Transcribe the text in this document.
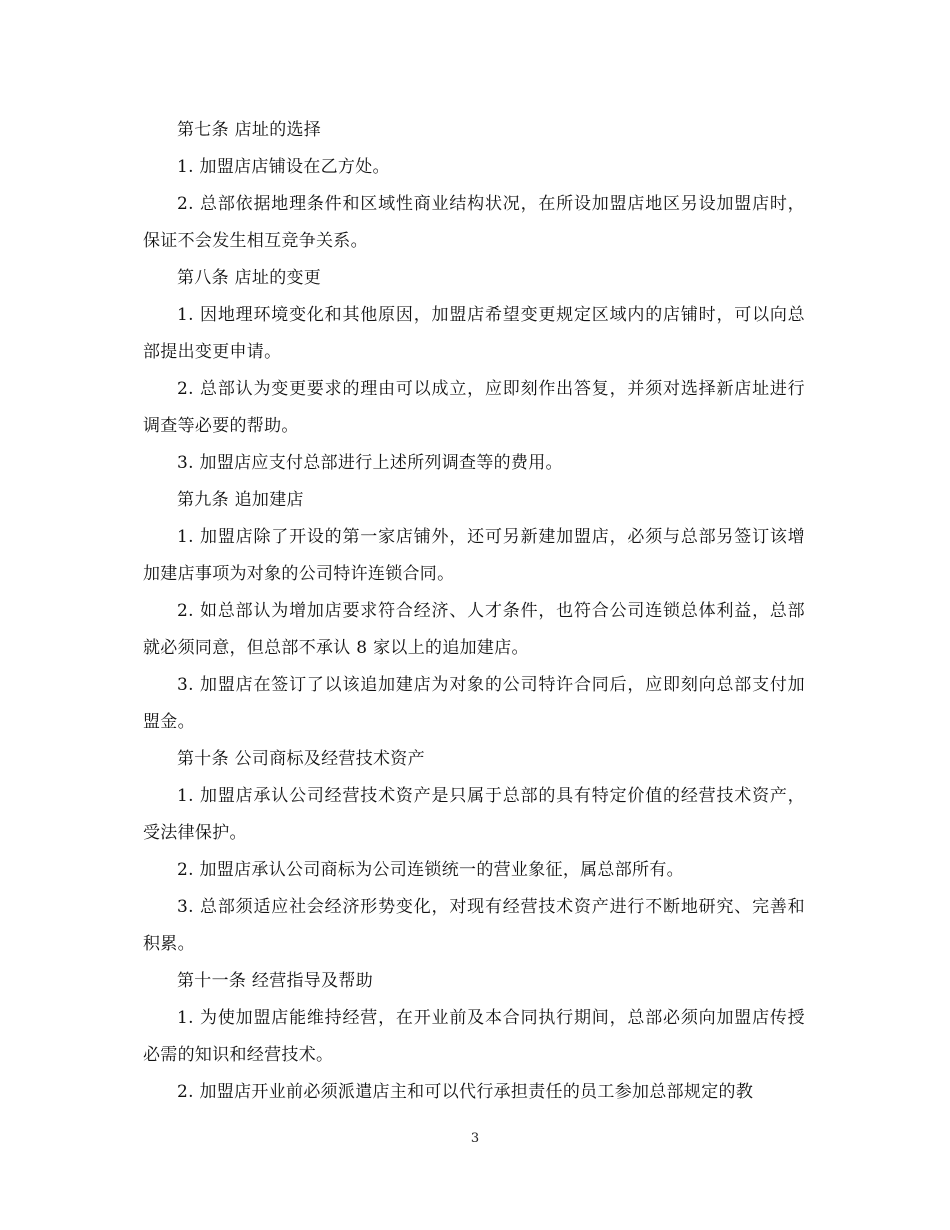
第七条 店址的选择

1. 加盟店店铺设在乙方处。

2. 总部依据地理条件和区域性商业结构状况，在所设加盟店地区另设加盟店时，保证不会发生相互竞争关系。

第八条 店址的变更

1. 因地理环境变化和其他原因，加盟店希望变更规定区域内的店铺时，可以向总部提出变更申请。

2. 总部认为变更要求的理由可以成立，应即刻作出答复，并须对选择新店址进行调查等必要的帮助。

3. 加盟店应支付总部进行上述所列调查等的费用。

第九条 追加建店

1. 加盟店除了开设的第一家店铺外，还可另新建加盟店，必须与总部另签订该增加建店事项为对象的公司特许连锁合同。

2. 如总部认为增加店要求符合经济、人才条件，也符合公司连锁总体利益，总部就必须同意，但总部不承认 8 家以上的追加建店。

3. 加盟店在签订了以该追加建店为对象的公司特许合同后，应即刻向总部支付加盟金。

第十条 公司商标及经营技术资产

1. 加盟店承认公司经营技术资产是只属于总部的具有特定价值的经营技术资产，受法律保护。

2. 加盟店承认公司商标为公司连锁统一的营业象征，属总部所有。

3. 总部须适应社会经济形势变化，对现有经营技术资产进行不断地研究、完善和积累。

第十一条 经营指导及帮助

1. 为使加盟店能维持经营，在开业前及本合同执行期间，总部必须向加盟店传授必需的知识和经营技术。

2. 加盟店开业前必须派遣店主和可以代行承担责任的员工参加总部规定的教

3
